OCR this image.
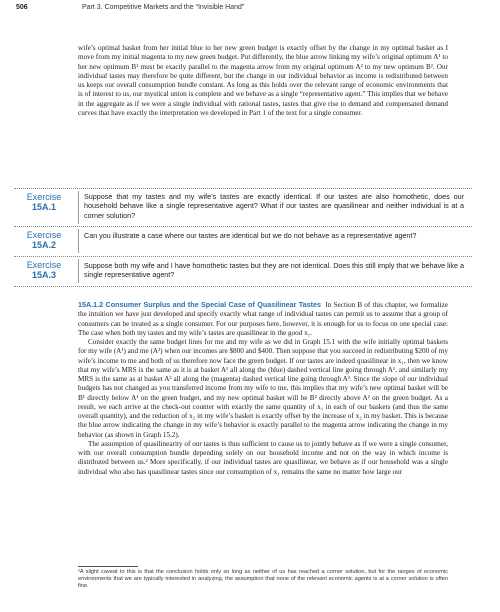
506	Part 3. Competitive Markets and the “Invisible Hand”

wife’s optimal basket from her initial blue to her new green budget is exactly offset by the change in my optimal basket as I move from my initial magenta to my new green budget. Put differently, the blue arrow linking my wife’s original optimum A¹ to her new optimum B¹ must be exactly parallel to the magenta arrow from my original optimum A² to my new optimum B². Our individual tastes may therefore be quite different, but the change in our individual behavior as income is redistributed between us keeps our overall consumption bundle constant. As long as this holds over the relevant range of economic environments that is of interest to us, our mystical union is complete and we behave as a single “representative agent.” This implies that we behave in the aggregate as if we were a single individual with rational tastes, tastes that give rise to demand and compensated demand curves that have exactly the interpretation we developed in Part 1 of the text for a single consumer.

Exercise
15A.1

Suppose that my tastes and my wife’s tastes are exactly identical. If our tastes are also homothetic, does our household behave like a single representative agent? What if our tastes are quasilinear and neither individual is at a corner solution?

Exercise
15A.2

Can you illustrate a case where our tastes are identical but we do not behave as a representative agent?

Exercise
15A.3

Suppose both my wife and I have homothetic tastes but they are not identical. Does this still imply that we behave like a single representative agent?

15A.1.2 Consumer Surplus and the Special Case of Quasilinear Tastes In Section B of this chapter, we formalize the intuition we have just developed and specify exactly what range of individual tastes can permit us to assume that a group of consumers can be treated as a single consumer. For our purposes here, however, it is enough for us to focus on one special case: The case when both my tastes and my wife’s tastes are quasilinear in the good x₁.

Consider exactly the same budget lines for me and my wife as we did in Graph 15.1 with the wife initially optimal baskets for my wife (A¹) and me (A²) when our incomes are $800 and $400. Then suppose that you succeed in redistributing $200 of my wife’s income to me and both of us therefore now face the green budget. If our tastes are indeed quasilinear in x₁, then we know that my wife’s MRS is the same as it is at basket A¹ all along the (blue) dashed vertical line going through A¹, and similarly my MRS is the same as at basket A² all along the (magenta) dashed vertical line going through A². Since the slope of our individual budgets has not changed as you transferred income from my wife to me, this implies that my wife’s new optimal basket will be B¹ directly below A¹ on the green budget, and my new optimal basket will be B² directly above A² on the green budget. As a result, we each arrive at the check-out counter with exactly the same quantity of x₁ in each of our baskets (and thus the same overall quantity), and the reduction of x₂ in my wife’s basket is exactly offset by the increase of x₂ in my basket. This is because the blue arrow indicating the change in my wife’s behavior is exactly parallel to the magenta arrow indicating the change in my behavior (as shown in Graph 15.2).

The assumption of quasilinearity of our tastes is thus sufficient to cause us to jointly behave as if we were a single consumer, with our overall consumption bundle depending solely on our household income and not on the way in which income is distributed between us.² More specifically, if our individual tastes are quasilinear, we behave as if our household was a single individual who also has quasilinear tastes since our consumption of x₁ remains the same no matter how large our

²A slight caveat to this is that the conclusion holds only so long as neither of us has reached a corner solution, but for the ranges of economic environments that we are typically interested in analyzing, the assumption that none of the relevant economic agents is at a corner solution is often fine.
